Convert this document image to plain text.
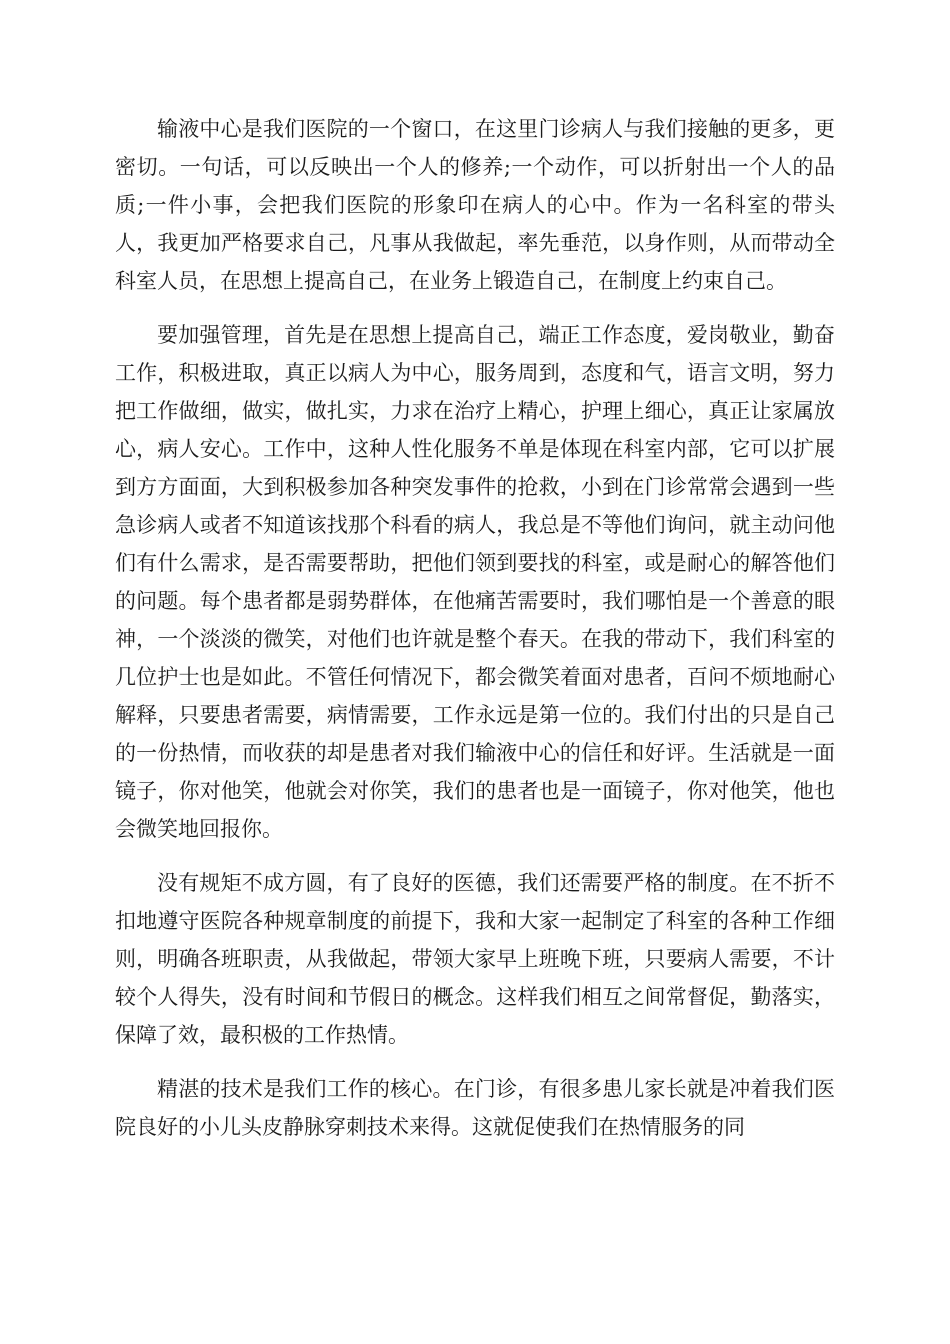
输液中心是我们医院的一个窗口，在这里门诊病人与我们接触的更多，更密切。一句话，可以反映出一个人的修养;一个动作，可以折射出一个人的品质;一件小事，会把我们医院的形象印在病人的心中。作为一名科室的带头人，我更加严格要求自己，凡事从我做起，率先垂范，以身作则，从而带动全科室人员，在思想上提高自己，在业务上锻造自己，在制度上约束自己。

要加强管理，首先是在思想上提高自己，端正工作态度，爱岗敬业，勤奋工作，积极进取，真正以病人为中心，服务周到，态度和气，语言文明，努力把工作做细，做实，做扎实，力求在治疗上精心，护理上细心，真正让家属放心，病人安心。工作中，这种人性化服务不单是体现在科室内部，它可以扩展到方方面面，大到积极参加各种突发事件的抢救，小到在门诊常常会遇到一些急诊病人或者不知道该找那个科看的病人，我总是不等他们询问，就主动问他们有什么需求，是否需要帮助，把他们领到要找的科室，或是耐心的解答他们的问题。每个患者都是弱势群体，在他痛苦需要时，我们哪怕是一个善意的眼神，一个淡淡的微笑，对他们也许就是整个春天。在我的带动下，我们科室的几位护士也是如此。不管任何情况下，都会微笑着面对患者，百问不烦地耐心解释，只要患者需要，病情需要，工作永远是第一位的。我们付出的只是自己的一份热情，而收获的却是患者对我们输液中心的信任和好评。生活就是一面镜子，你对他笑，他就会对你笑，我们的患者也是一面镜子，你对他笑，他也会微笑地回报你。

没有规矩不成方圆，有了良好的医德，我们还需要严格的制度。在不折不扣地遵守医院各种规章制度的前提下，我和大家一起制定了科室的各种工作细则，明确各班职责，从我做起，带领大家早上班晚下班，只要病人需要，不计较个人得失，没有时间和节假日的概念。这样我们相互之间常督促，勤落实，保障了效，最积极的工作热情。

精湛的技术是我们工作的核心。在门诊，有很多患儿家长就是冲着我们医院良好的小儿头皮静脉穿刺技术来得。这就促使我们在热情服务的同
